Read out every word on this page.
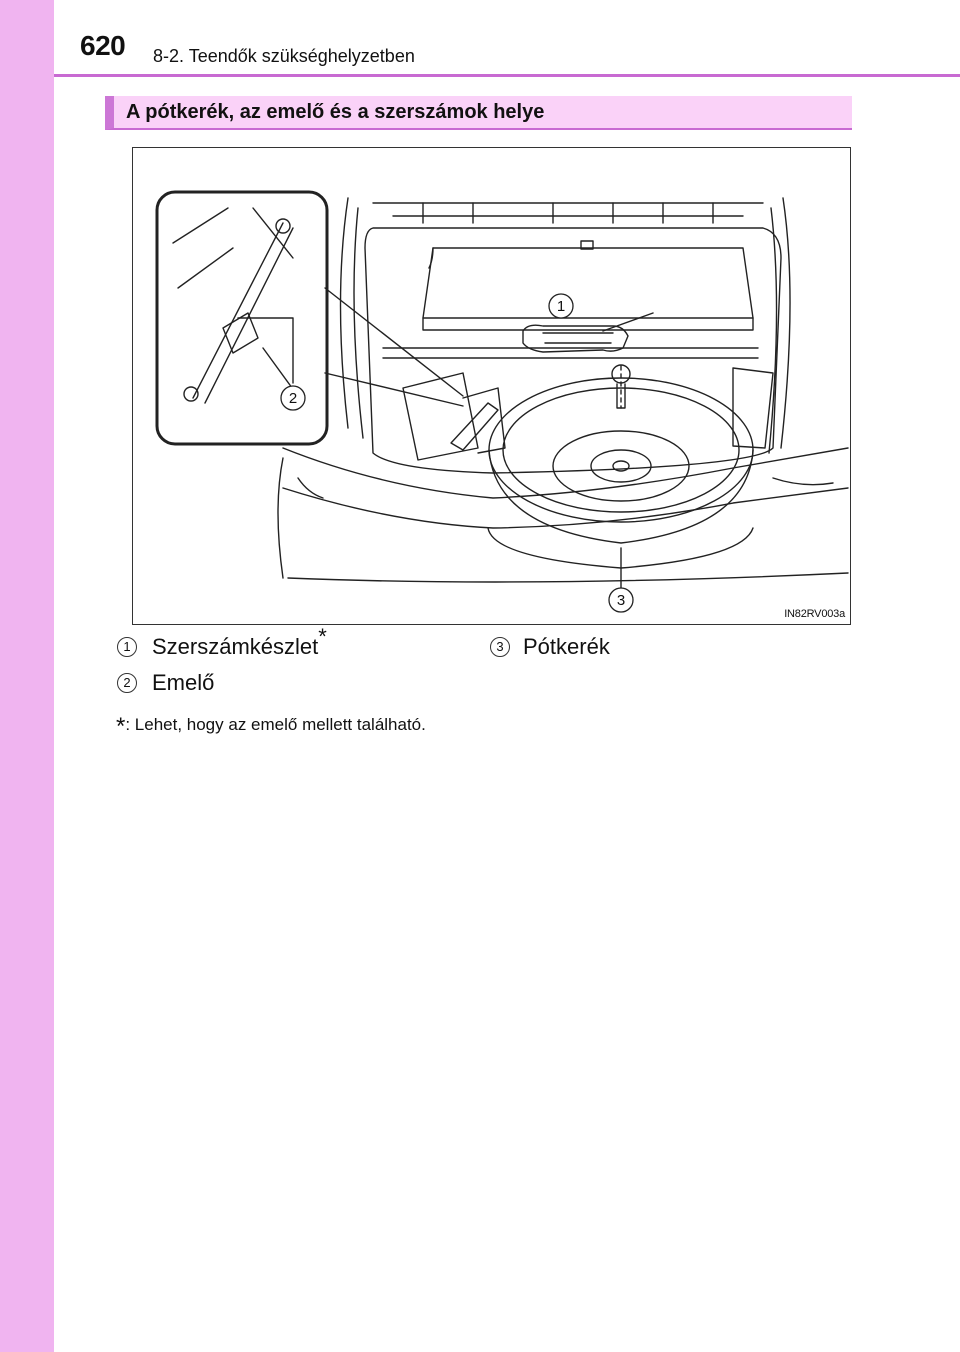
620 8-2. Teendők szükséghelyzetben
A pótkerék, az emelő és a szerszámok helye
1
2
3
IN82RV003a
1 Szerszámkészlet*
2 Emelő
3 Pótkerék
*: Lehet, hogy az emelő mellett található.
